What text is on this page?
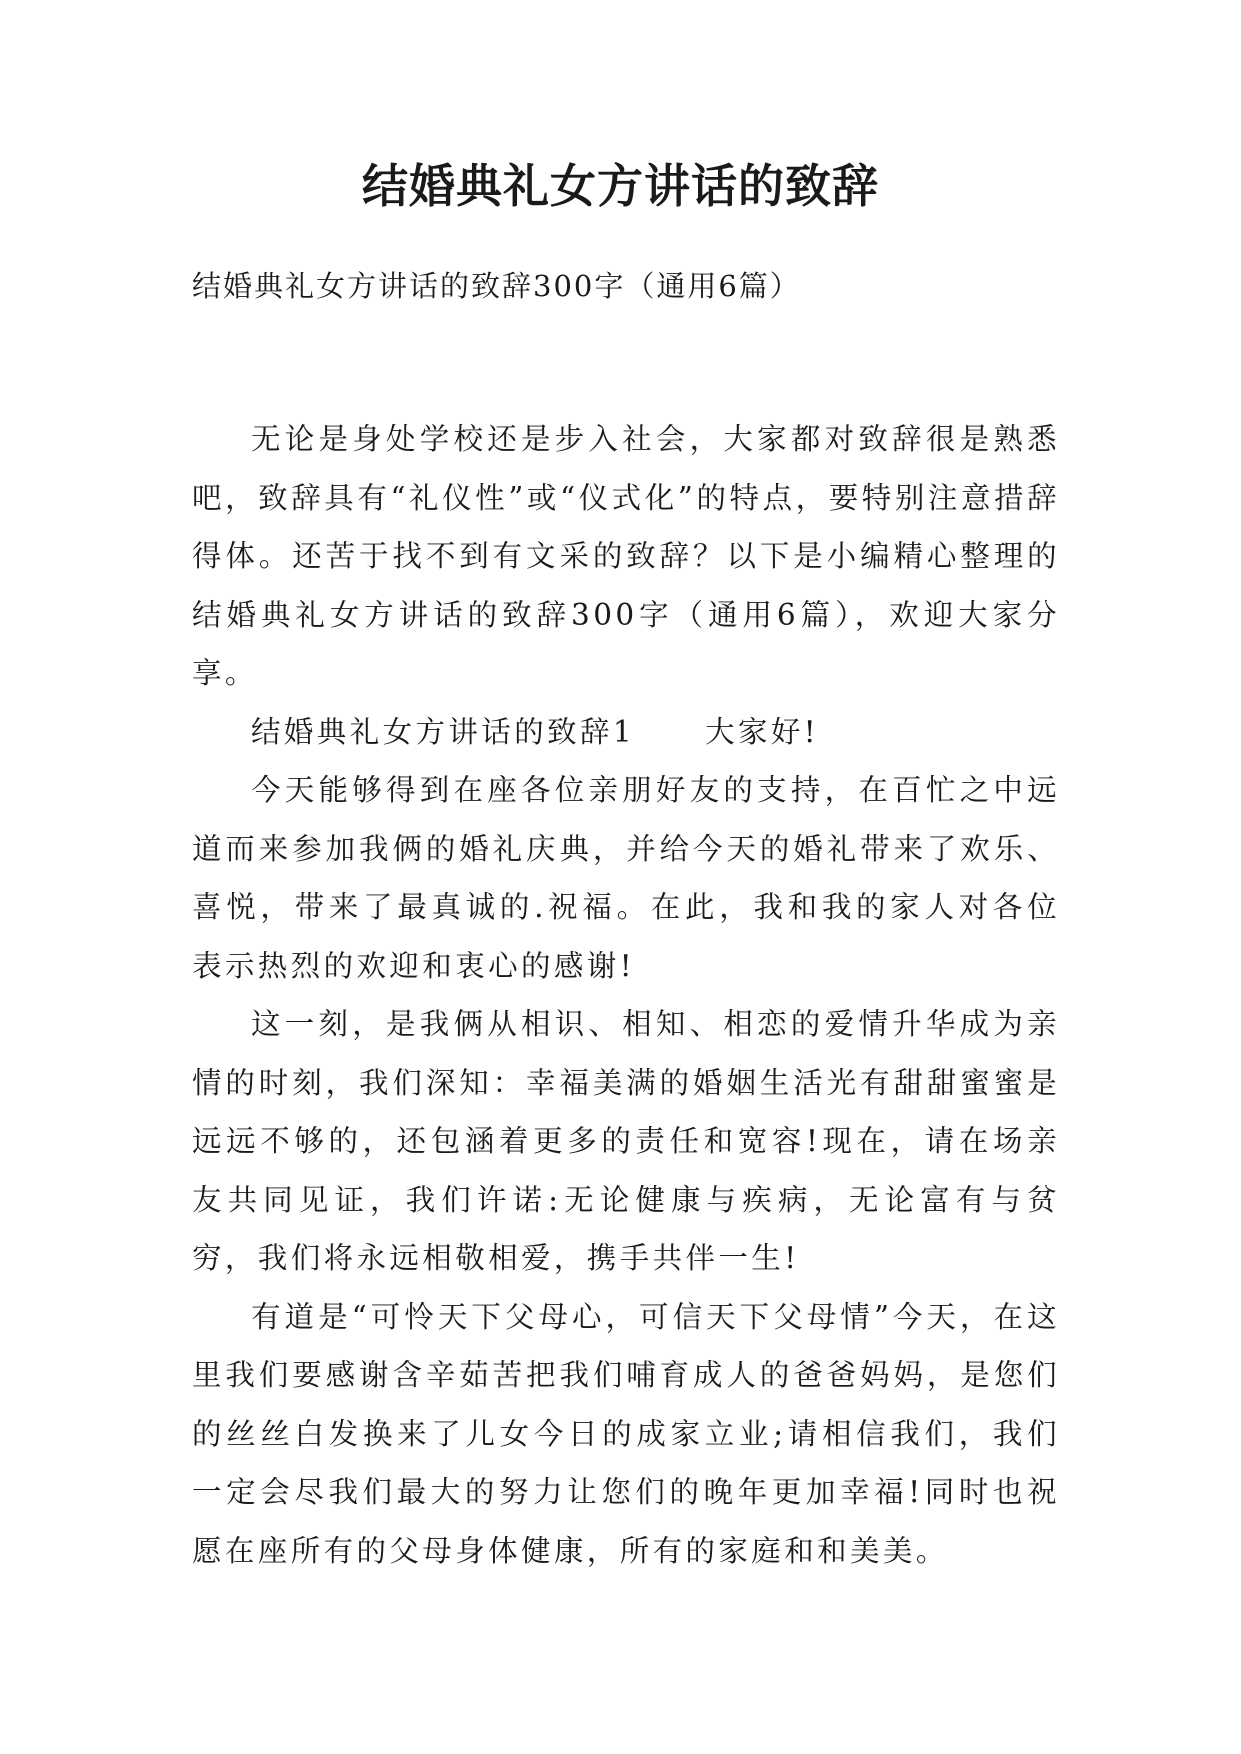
结婚典礼女方讲话的致辞

结婚典礼女方讲话的致辞300字（通用6篇）

无论是身处学校还是步入社会，大家都对致辞很是熟悉吧，致辞具有“礼仪性”或“仪式化”的特点，要特别注意措辞得体。还苦于找不到有文采的致辞？以下是小编精心整理的结婚典礼女方讲话的致辞300字（通用6篇），欢迎大家分享。

结婚典礼女方讲话的致辞1 大家好!

今天能够得到在座各位亲朋好友的支持，在百忙之中远道而来参加我俩的婚礼庆典，并给今天的婚礼带来了欢乐、喜悦，带来了最真诚的.祝福。在此，我和我的家人对各位表示热烈的欢迎和衷心的感谢!

这一刻，是我俩从相识、相知、相恋的爱情升华成为亲情的时刻，我们深知：幸福美满的婚姻生活光有甜甜蜜蜜是远远不够的，还包涵着更多的责任和宽容!现在，请在场亲友共同见证，我们许诺:无论健康与疾病，无论富有与贫穷，我们将永远相敬相爱，携手共伴一生!

有道是“可怜天下父母心，可信天下父母情”今天，在这里我们要感谢含辛茹苦把我们哺育成人的爸爸妈妈，是您们的丝丝白发换来了儿女今日的成家立业;请相信我们，我们一定会尽我们最大的努力让您们的晚年更加幸福!同时也祝愿在座所有的父母身体健康，所有的家庭和和美美。
